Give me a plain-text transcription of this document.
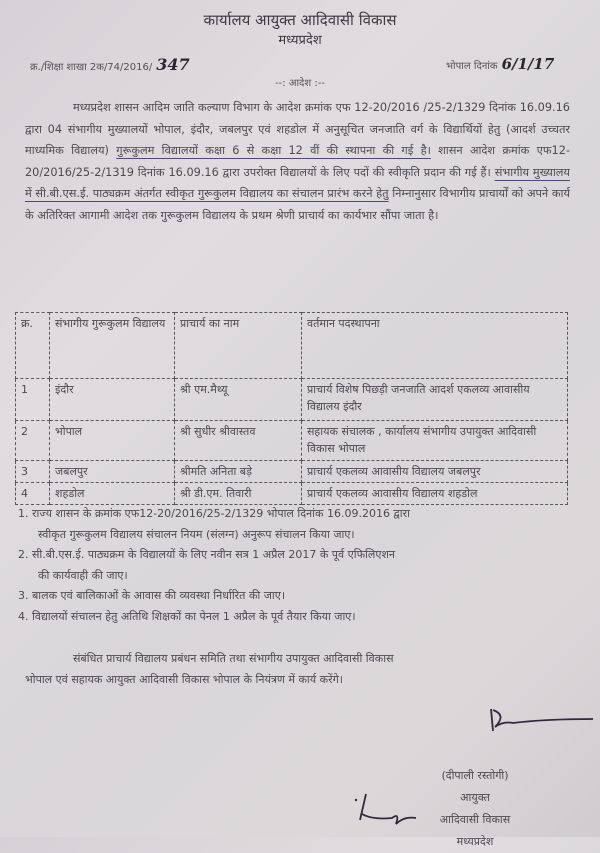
कार्यालय आयुक्त आदिवासी विकास
मध्यप्रदेश
क्र./शिक्षा शाखा 2क/74/2016/ 347	भोपाल दिनांक 6/1/17
--: आदेश :--
मध्यप्रदेश शासन आदिम जाति कल्याण विभाग के आदेश क्रमांक एफ 12-20/2016 /25-2/1329 दिनांक 16.09.16 द्वारा 04 संभागीय मुख्यालयों भोपाल, इंदौर, जबलपुर एवं शहडोल में अनुसूचित जनजाति वर्ग के विद्यार्थियों हेतु (आदर्श उच्चतर माध्यमिक विद्यालय) गुरूकुलम विद्यालयों कक्षा 6 से कक्षा 12 वीं की स्थापना की गई है। शासन आदेश क्रमांक एफ12-20/2016/25-2/1319 दिनांक 16.09.16 द्वारा उपरोक्त विद्यालयों के लिए पदों की स्वीकृति प्रदान की गई हैं। संभागीय मुख्यालय में सी.बी.एस.ई. पाठ्यक्रम अंतर्गत स्वीकृत गुरूकुलम विद्यालय का संचालन प्रारंभ करने हेतु निम्नानुसार विभागीय प्राचार्यों को अपने कार्य के अतिरिक्त आगामी आदेश तक गुरूकुलम विद्यालय के प्रथम श्रेणी प्राचार्य का कार्यभार सौंपा जाता है।
क्र.	संभागीय गुरूकुलम विद्यालय	प्राचार्य का नाम	वर्तमान पदस्थापना
1	इंदौर	श्री एम.मैथ्यू	प्राचार्य विशेष पिछड़ी जनजाति आदर्श एकलव्य आवासीय विद्यालय इंदौर
2	भोपाल	श्री सुधीर श्रीवास्तव	सहायक संचालक , कार्यालय संभागीय उपायुक्त आदिवासी विकास भोपाल
3	जबलपुर	श्रीमति अनिता बड़े	प्राचार्य एकलव्य आवासीय विद्यालय जबलपुर
4	शहडोल	श्री डी.एम. तिवारी	प्राचार्य एकलव्य आवासीय विद्यालय शहडोल

1. राज्य शासन के क्रमांक एफ12-20/2016/25-2/1329 भोपाल दिनांक 16.09.2016 द्वारा
स्वीकृत गुरूकुलम विद्यालय संचालन नियम (संलग्न) अनुरूप संचालन किया जाए।

2. सी.बी.एस.ई. पाठ्यक्रम के विद्यालयों के लिए नवीन सत्र 1 अप्रैल 2017 के पूर्व एफिलिएशन
की कार्यवाही की जाए।

3. बालक एवं बालिकाओं के आवास की व्यवस्था निर्धारित की जाए।

4. विद्यालयों संचालन हेतु अतिथि शिक्षकों का पेनल 1 अप्रैल के पूर्व तैयार किया जाए।

संबंधित प्राचार्य विद्यालय प्रबंधन समिति तथा संभागीय उपायुक्त आदिवासी विकास
भोपाल एवं सहायक आयुक्त आदिवासी विकास भोपाल के नियंत्रण में कार्य करेंगे।
(दीपाली रस्तोगी)
आयुक्त
आदिवासी विकास
मध्यप्रदेश
